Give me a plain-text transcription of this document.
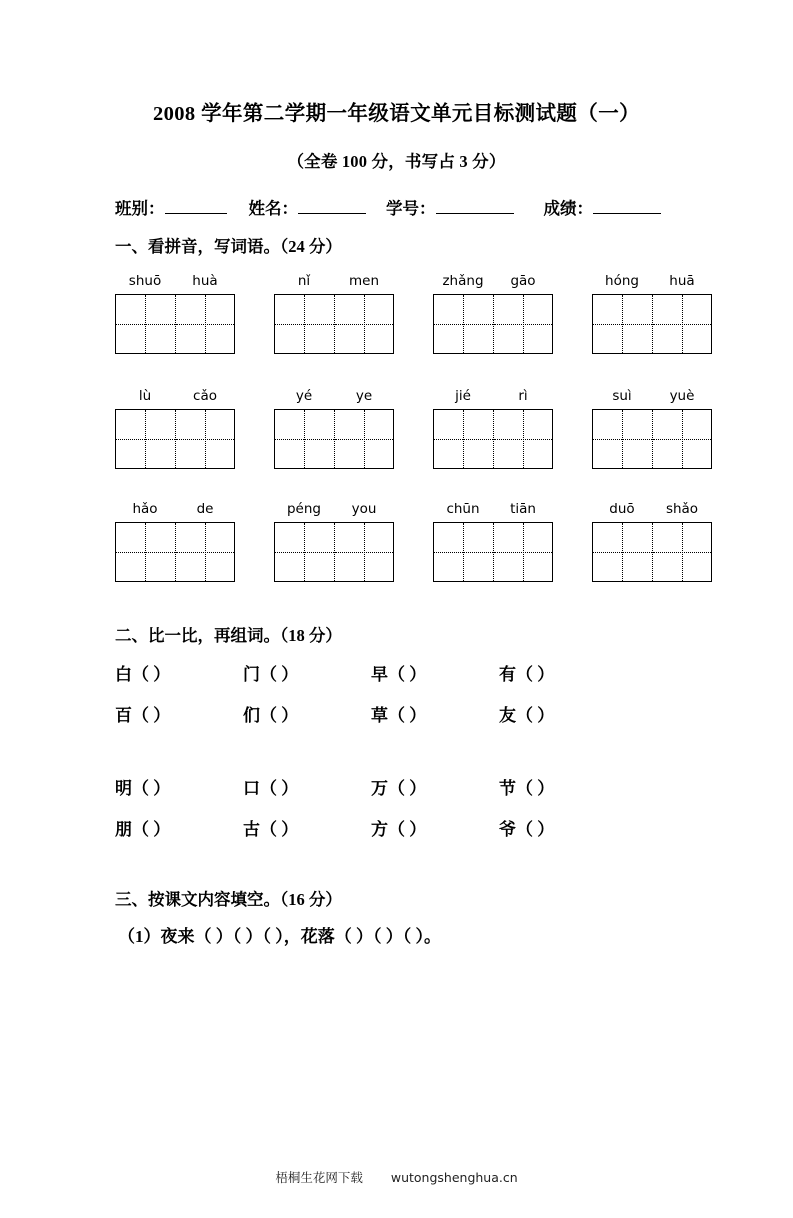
2008 学年第二学期一年级语文单元目标测试题（一）
（全卷 100 分，书写占 3 分）
班别：	姓名：	学号：	成绩：
一、看拼音，写词语。（24 分）
shuō	huà	nǐ	men	zhǎng	gāo	hóng	huā
lù	cǎo	yé	ye	jié	rì	suì	yuè
hǎo	de	péng	you	chūn	tiān	duō	shǎo
二、比一比，再组词。（18 分）
白（ ）	门（ ）	早（ ）	有（ ）
百（ ）	们（ ）	草（ ）	友（ ）
明（ ）	口（ ）	万（ ）	节（ ）
朋（ ）	古（ ）	方（ ）	爷（ ）
三、按课文内容填空。（16 分）
（1）夜来（ ）（ ）（ ），花落（ ）（ ）（ ）。
梧桐生花网下载 wutongshenghua.cn
